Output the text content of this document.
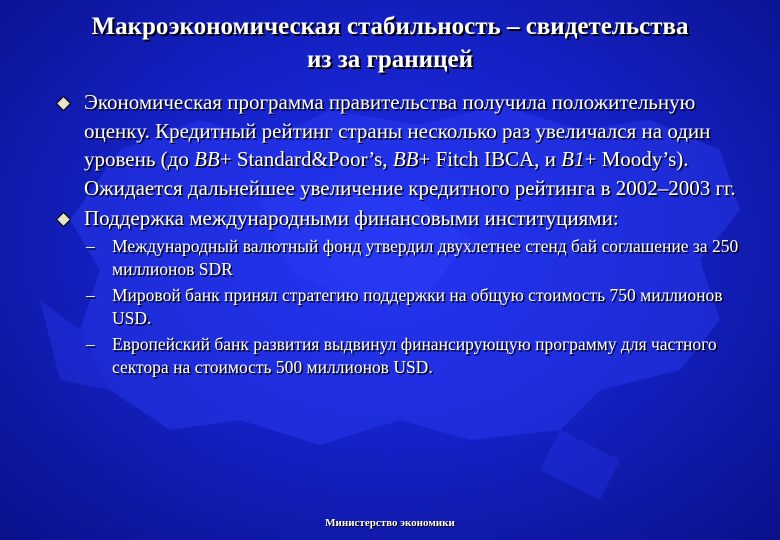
Макроэкономическая стабильность – свидетельства
из за границей
Экономическая программа правительства получила положительную оценку. Кредитный рейтинг страны несколько раз увеличался на один уровень (до BB+ Standard&Poor’s, BB+ Fitch IBCA, и B1+ Moody’s). Ожидается дальнейшее увеличение кредитного рейтинга в 2002–2003 гг.
Поддержка международными финансовыми институциями:
– Международный валютный фонд утвердил двухлетнее стенд бай соглашение за 250 миллионов SDR
– Мировой банк принял стратегию поддержки на общую стоимость 750 миллионов USD.
– Европейский банк развития выдвинул финансирующую программу для частного сектора на стоимость 500 миллионов USD.
Министерство экономики
